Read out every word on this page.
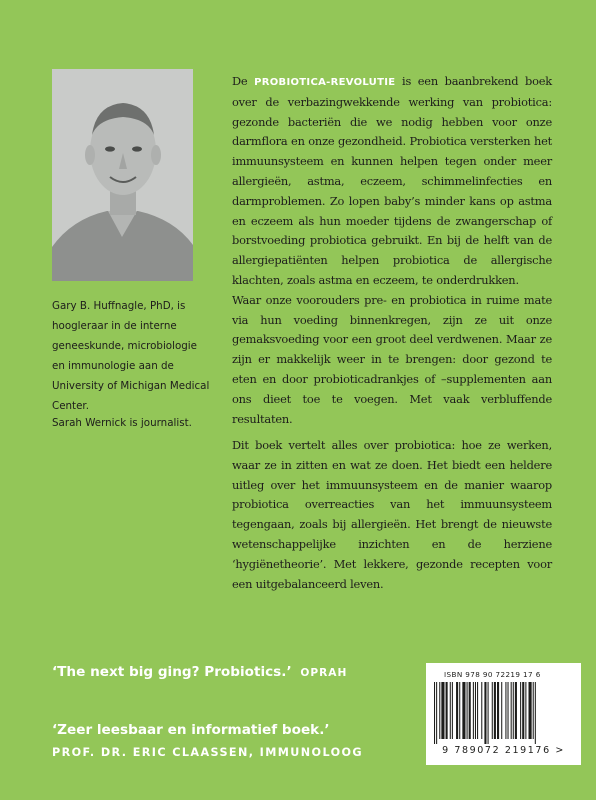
Gary B. Huffnagle, PhD, is hoogleraar in de interne geneeskunde, microbiologie en immunologie aan de University of Michigan Medical Center.
Sarah Wernick is journalist.
De PROBIOTICA-REVOLUTIE is een baanbrekend boek over de verbazingwekkende werking van probiotica: gezonde bacteriën die we nodig hebben voor onze darmflora en onze gezondheid. Probiotica versterken het immuunsysteem en kunnen helpen tegen onder meer allergieën, astma, eczeem, schimmelinfecties en darmproblemen. Zo lopen baby’s minder kans op astma en eczeem als hun moeder tijdens de zwangerschap of borstvoeding probiotica gebruikt. En bij de helft van de allergiepatiënten helpen probiotica de allergische klachten, zoals astma en eczeem, te onderdrukken.
Waar onze voorouders pre- en probiotica in ruime mate via hun voeding binnenkregen, zijn ze uit onze gemaksvoeding voor een groot deel verdwenen. Maar ze zijn er makkelijk weer in te brengen: door gezond te eten en door probioticadrankjes of –supplementen aan ons dieet toe te voegen. Met vaak verbluffende resultaten.
Dit boek vertelt alles over probiotica: hoe ze werken, waar ze in zitten en wat ze doen. Het biedt een heldere uitleg over het immuunsysteem en de manier waarop probiotica overreacties van het immuunsysteem tegengaan, zoals bij allergieën. Het brengt de nieuwste wetenschappelijke inzichten en de herziene ‘hygiënetheorie’. Met lekkere, gezonde recepten voor een uitgebalanceerd leven.
‘The next big ging? Probiotics.’ OPRAH
‘Zeer leesbaar en informatief boek.’
PROF. DR. ERIC CLAASSEN, IMMUNOLOOG
ISBN 978 90 72219 17 6
9 789072 219176 >
